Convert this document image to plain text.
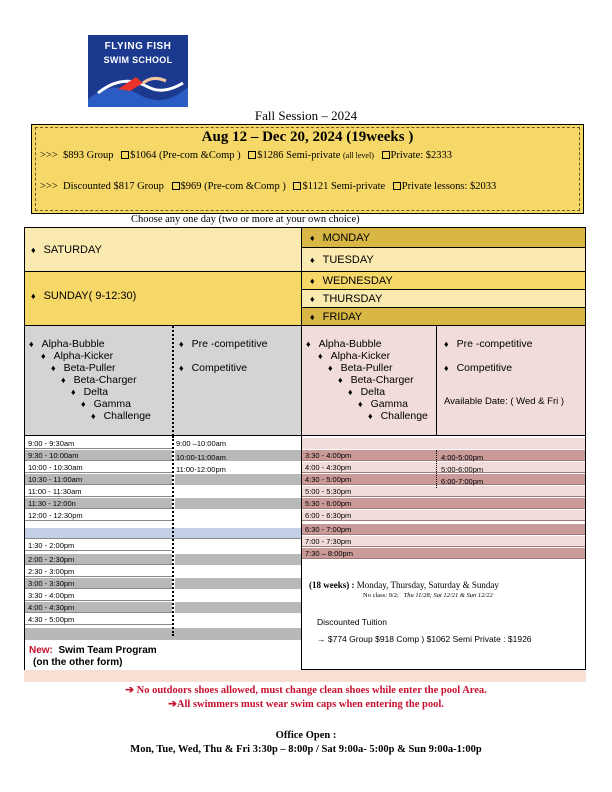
FLYING FISH
SWIM SCHOOL
Fall Session – 2024
Aug 12 – Dec 20, 2024 (19weeks )
>>> $893 Group $1064 (Pre-com &Comp ) $1286 Semi-private (all level) Private: $2333
>>> Discounted $817 Group $969 (Pre-com &Comp ) $1121 Semi-private Private lessons: $2033
Choose any one day (two or more at your own choice)
♦ SATURDAY
♦ SUNDAY( 9-12:30)
♦ MONDAY
♦ TUESDAY
♦ WEDNESDAY
♦ THURSDAY
♦ FRIDAY
♦ Alpha-Bubble
♦ Alpha-Kicker
♦ Beta-Puller
♦ Beta-Charger
♦ Delta
♦ Gamma
♦ Challenge
♦ Pre -competitive
♦ Competitive
♦ Alpha-Bubble
♦ Alpha-Kicker
♦ Beta-Puller
♦ Beta-Charger
♦ Delta
♦ Gamma
♦ Challenge
♦ Pre -competitive
♦ Competitive
Available Date: ( Wed & Fri )
9:00 - 9:30am
9:30 - 10:00am
10:00 - 10:30am
10:30 - 11:00am
11:00 - 11:30am
11:30 - 12:00n
12:00 - 12:30pm
1:30 - 2:00pm
2:00 - 2:30pm
2:30 - 3:00pm
3:00 - 3:30pm
3:30 - 4:00pm
4:00 - 4:30pm
4:30 - 5:00pm
9:00 –10:00am
10:00-11:00am
11:00-12:00pm
3:30 - 4:00pm
4:00 - 4:30pm
4:30 - 5:00pm
5:00 - 5:30pm
5:30 - 6:00pm
6:00 - 6:30pm
6:30 - 7:00pm
7:00 - 7:30pm
7:30 – 8:00pm
4:00-5:00pm
5:00-6:00pm
6:00-7:00pm
(18 weeks) : Monday, Thursday, Saturday & Sunday
No class: 9/2; Thu 11/28; Sat 12/21 & Sun 12/22
Discounted Tuition
→ $774 Group $918 Comp ) $1062 Semi Private : $1926
New: Swim Team Program
(on the other form)
➔ No outdoors shoes allowed, must change clean shoes while enter the pool Area.
➔All swimmers must wear swim caps when entering the pool.
Office Open :
Mon, Tue, Wed, Thu & Fri 3:30p – 8:00p / Sat 9:00a- 5:00p & Sun 9:00a-1:00p
